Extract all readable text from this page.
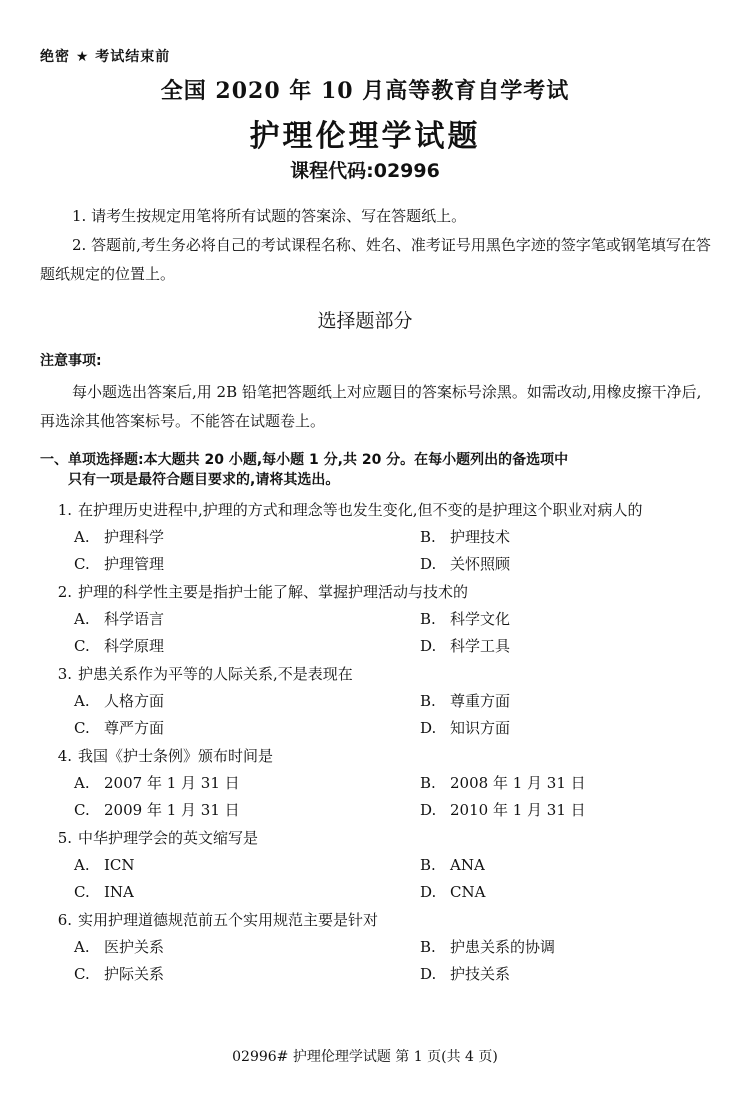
绝密 ★ 考试结束前
全国 2020 年 10 月高等教育自学考试
护理伦理学试题
课程代码:02996
1. 请考生按规定用笔将所有试题的答案涂、写在答题纸上。
2. 答题前,考生务必将自己的考试课程名称、姓名、准考证号用黑色字迹的签字笔或钢笔填写在答题纸规定的位置上。
选择题部分
注意事项:
每小题选出答案后,用 2B 铅笔把答题纸上对应题目的答案标号涂黑。如需改动,用橡皮擦干净后,再选涂其他答案标号。不能答在试题卷上。
一、单项选择题:本大题共 20 小题,每小题 1 分,共 20 分。在每小题列出的备选项中
只有一项是最符合题目要求的,请将其选出。
1. 在护理历史进程中,护理的方式和理念等也发生变化,但不变的是护理这个职业对病人的
A. 护理科学	B. 护理技术
C. 护理管理	D. 关怀照顾
2. 护理的科学性主要是指护士能了解、掌握护理活动与技术的
A. 科学语言	B. 科学文化
C. 科学原理	D. 科学工具
3. 护患关系作为平等的人际关系,不是表现在
A. 人格方面	B. 尊重方面
C. 尊严方面	D. 知识方面
4. 我国《护士条例》颁布时间是
A. 2007 年 1 月 31 日	B. 2008 年 1 月 31 日
C. 2009 年 1 月 31 日	D. 2010 年 1 月 31 日
5. 中华护理学会的英文缩写是
A. ICN	B. ANA
C. INA	D. CNA
6. 实用护理道德规范前五个实用规范主要是针对
A. 医护关系	B. 护患关系的协调
C. 护际关系	D. 护技关系
02996# 护理伦理学试题 第 1 页(共 4 页)
